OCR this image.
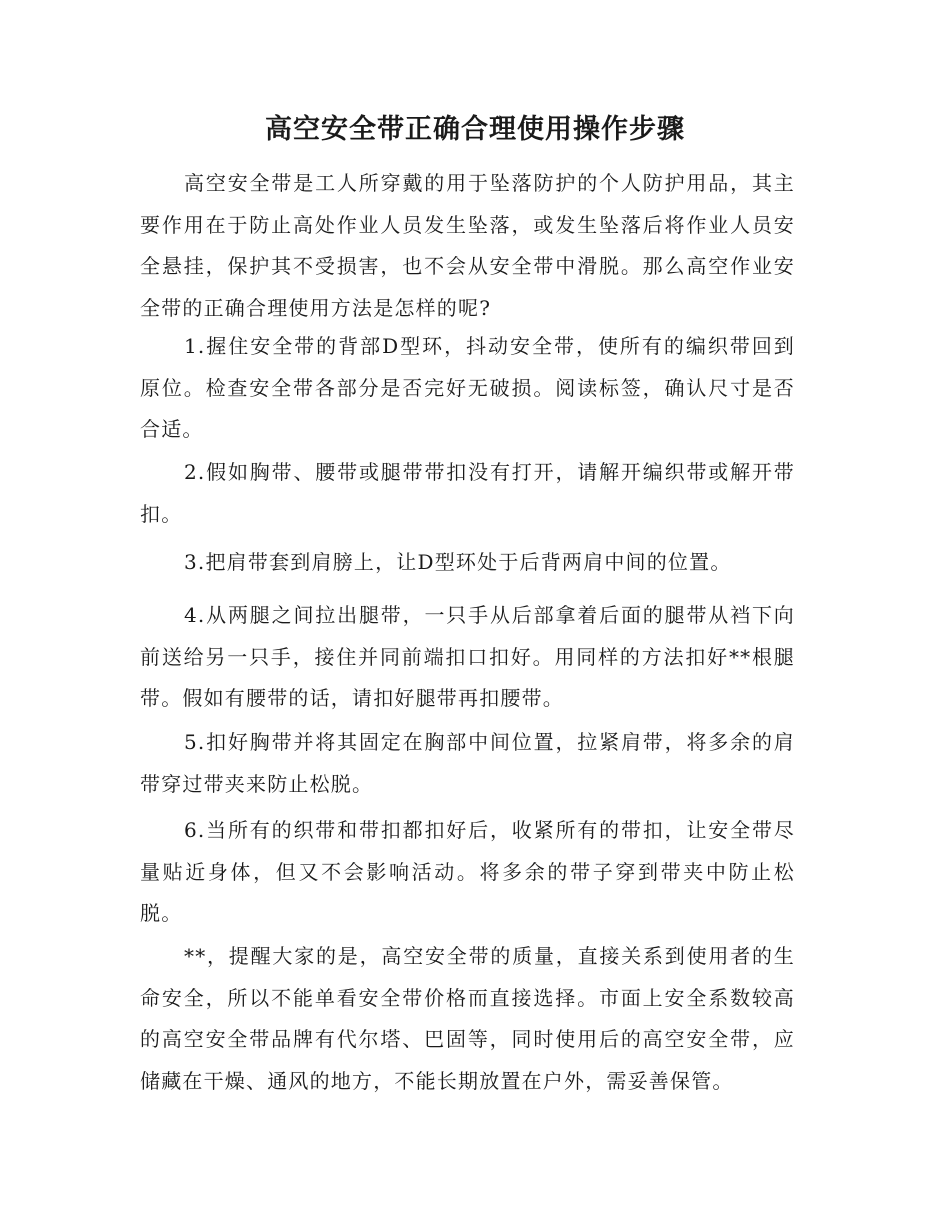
高空安全带正确合理使用操作步骤

高空安全带是工人所穿戴的用于坠落防护的个人防护用品，其主要作用在于防止高处作业人员发生坠落，或发生坠落后将作业人员安全悬挂，保护其不受损害，也不会从安全带中滑脱。那么高空作业安全带的正确合理使用方法是怎样的呢?

1.握住安全带的背部D型环，抖动安全带，使所有的编织带回到原位。检查安全带各部分是否完好无破损。阅读标签，确认尺寸是否合适。

2.假如胸带、腰带或腿带带扣没有打开，请解开编织带或解开带扣。

3.把肩带套到肩膀上，让D型环处于后背两肩中间的位置。

4.从两腿之间拉出腿带，一只手从后部拿着后面的腿带从裆下向前送给另一只手，接住并同前端扣口扣好。用同样的方法扣好**根腿带。假如有腰带的话，请扣好腿带再扣腰带。

5.扣好胸带并将其固定在胸部中间位置，拉紧肩带，将多余的肩带穿过带夹来防止松脱。

6.当所有的织带和带扣都扣好后，收紧所有的带扣，让安全带尽量贴近身体，但又不会影响活动。将多余的带子穿到带夹中防止松脱。

**，提醒大家的是，高空安全带的质量，直接关系到使用者的生命安全，所以不能单看安全带价格而直接选择。市面上安全系数较高的高空安全带品牌有代尔塔、巴固等，同时使用后的高空安全带，应储藏在干燥、通风的地方，不能长期放置在户外，需妥善保管。
